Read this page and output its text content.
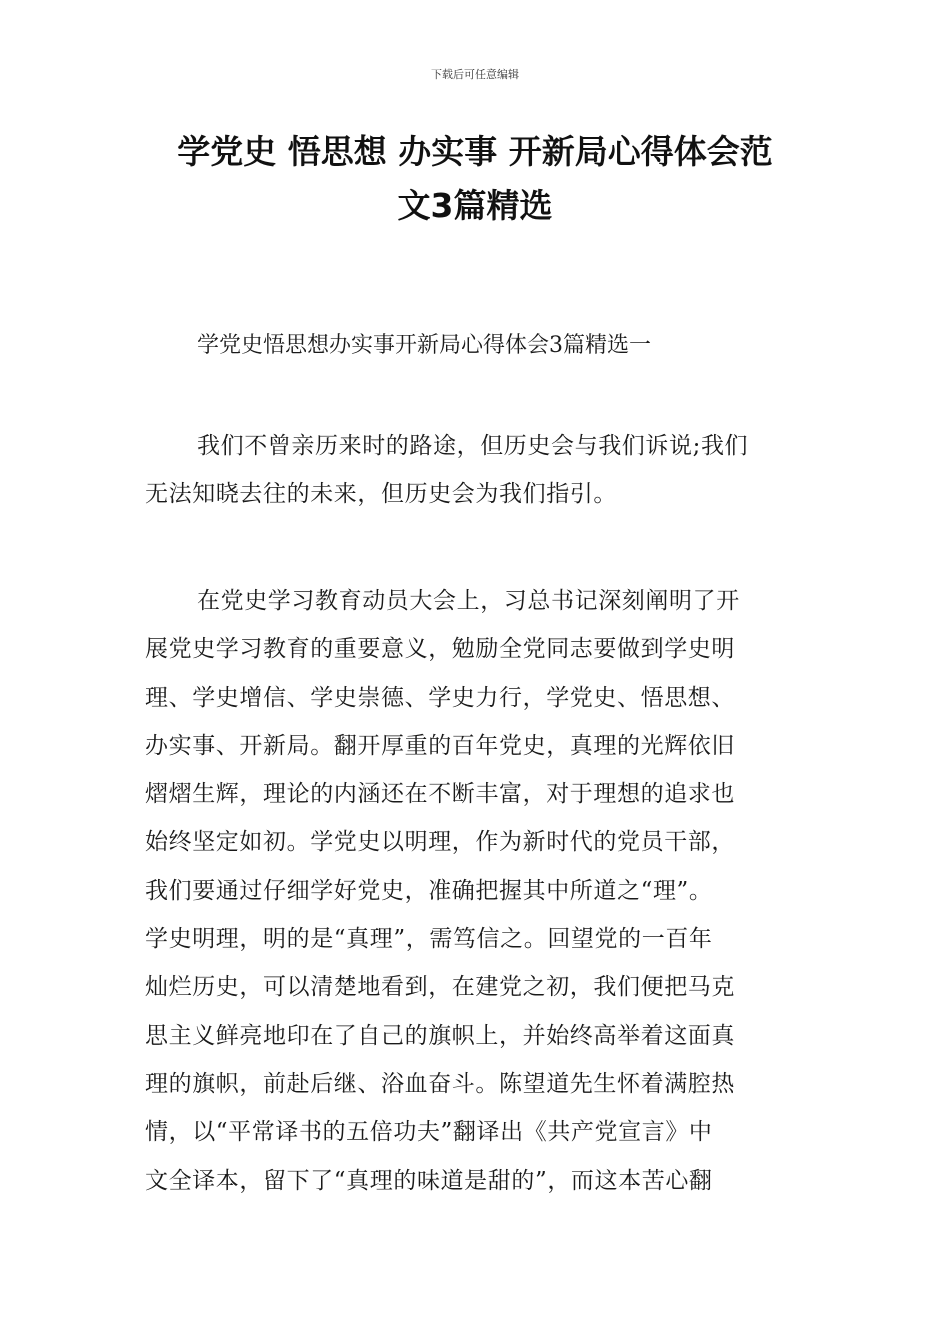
下载后可任意编辑
学党史 悟思想 办实事 开新局心得体会范
文3篇精选
学党史悟思想办实事开新局心得体会3篇精选一
我们不曾亲历来时的路途，但历史会与我们诉说;我们
无法知晓去往的未来，但历史会为我们指引。
在党史学习教育动员大会上，习总书记深刻阐明了开
展党史学习教育的重要意义，勉励全党同志要做到学史明
理、学史增信、学史崇德、学史力行，学党史、悟思想、
办实事、开新局。翻开厚重的百年党史，真理的光辉依旧
熠熠生辉，理论的内涵还在不断丰富，对于理想的追求也
始终坚定如初。学党史以明理，作为新时代的党员干部，
我们要通过仔细学好党史，准确把握其中所道之“理”。
学史明理，明的是“真理”，需笃信之。回望党的一百年
灿烂历史，可以清楚地看到，在建党之初，我们便把马克
思主义鲜亮地印在了自己的旗帜上，并始终高举着这面真
理的旗帜，前赴后继、浴血奋斗。陈望道先生怀着满腔热
情，以“平常译书的五倍功夫”翻译出《共产党宣言》中
文全译本，留下了“真理的味道是甜的”，而这本苦心翻
